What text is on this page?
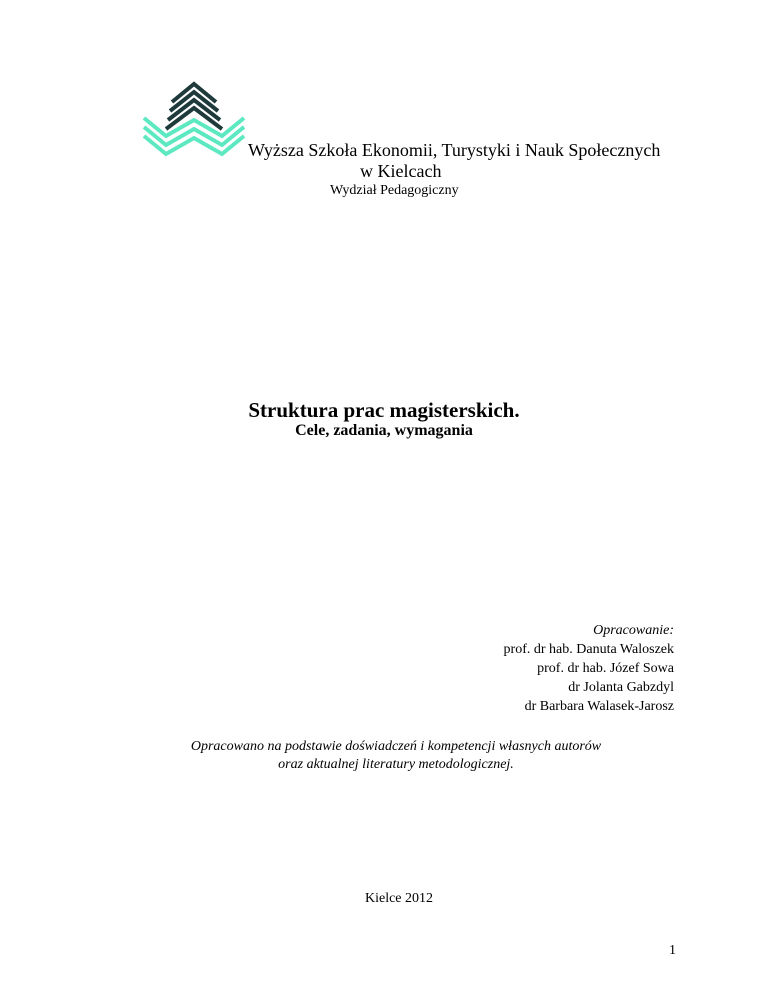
Wyższa Szkoła Ekonomii, Turystyki i Nauk Społecznych
w Kielcach
Wydział Pedagogiczny
Struktura prac magisterskich.
Cele, zadania, wymagania
Opracowanie:
prof. dr hab. Danuta Waloszek
prof. dr hab. Józef Sowa
dr Jolanta Gabzdyl
dr Barbara Walasek-Jarosz
Opracowano na podstawie doświadczeń i kompetencji własnych autorów
oraz aktualnej literatury metodologicznej.
Kielce 2012
1
